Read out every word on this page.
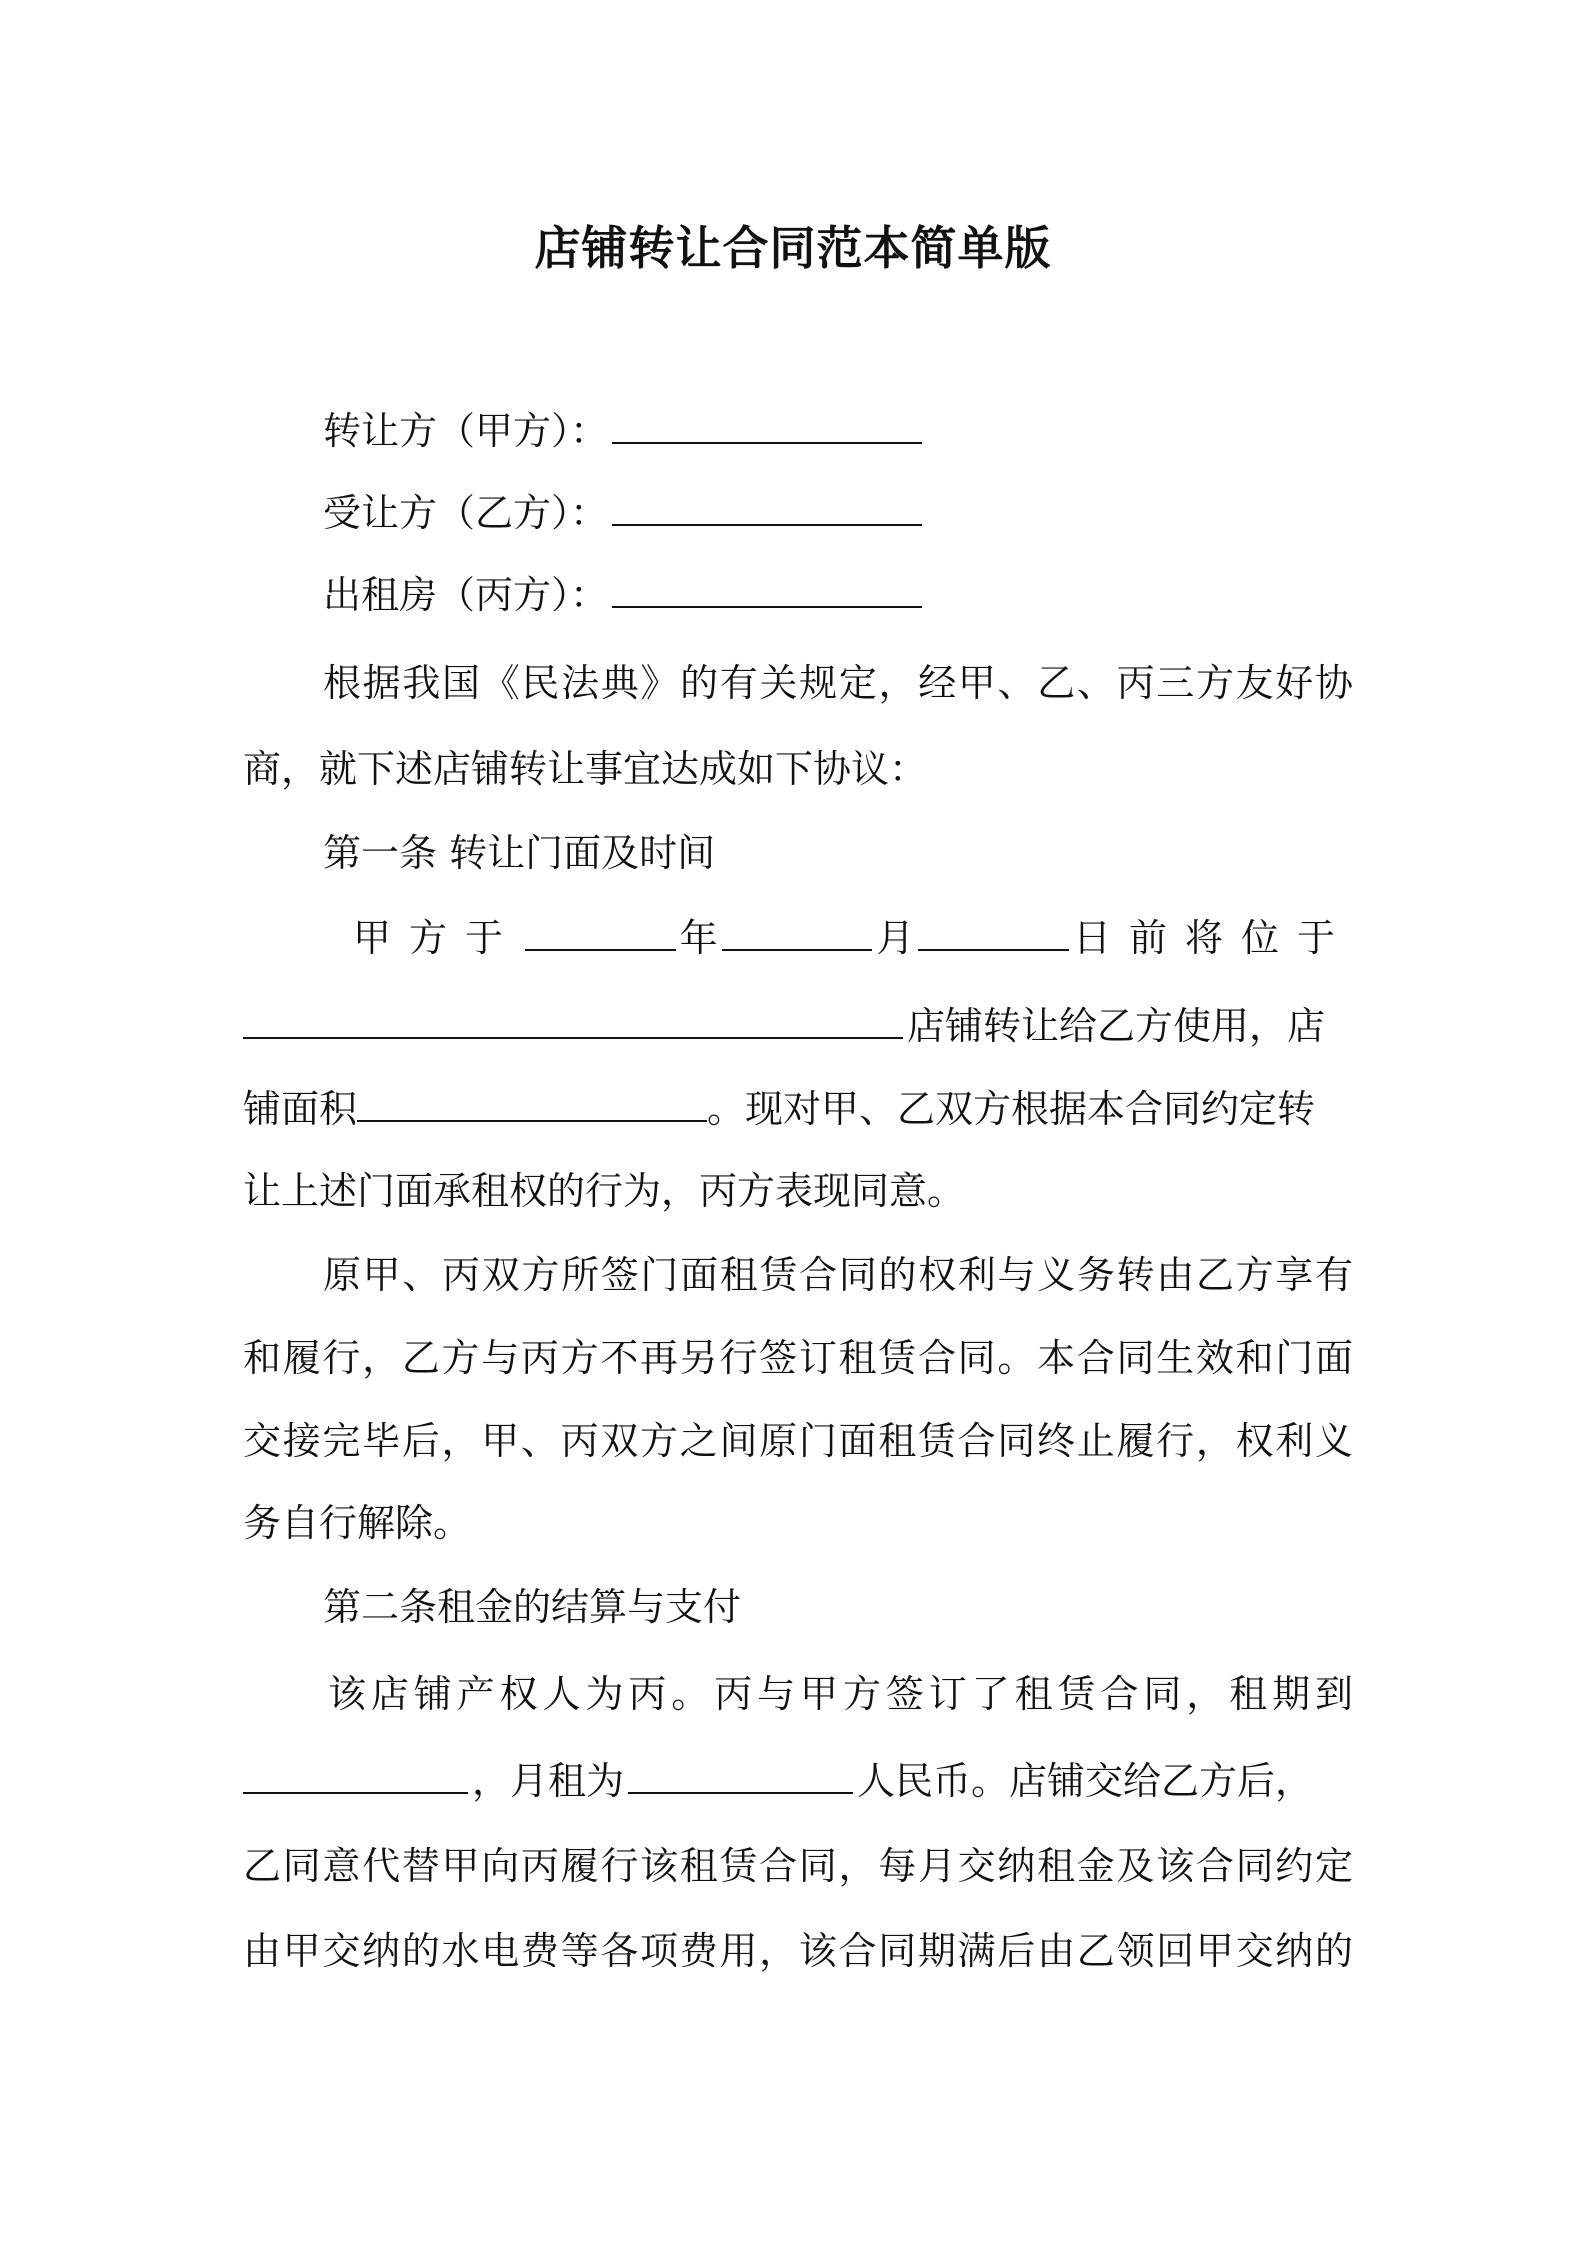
店铺转让合同范本简单版
转让方（甲方）：
受让方（乙方）：
出租房（丙方）：
根据我国《民法典》的有关规定，经甲、乙、丙三方友好协
商，就下述店铺转让事宜达成如下协议：
第一条 转让门面及时间
甲方于	年	月	日前将位于
店铺转让给乙方使用，店
铺面积	。现对甲、乙双方根据本合同约定转
让上述门面承租权的行为，丙方表现同意。
原甲、丙双方所签门面租赁合同的权利与义务转由乙方享有
和履行，乙方与丙方不再另行签订租赁合同。本合同生效和门面
交接完毕后，甲、丙双方之间原门面租赁合同终止履行，权利义
务自行解除。
第二条租金的结算与支付
该店铺产权人为丙。丙与甲方签订了租赁合同，租期到
，月租为	人民币。店铺交给乙方后，
乙同意代替甲向丙履行该租赁合同，每月交纳租金及该合同约定
由甲交纳的水电费等各项费用，该合同期满后由乙领回甲交纳的
